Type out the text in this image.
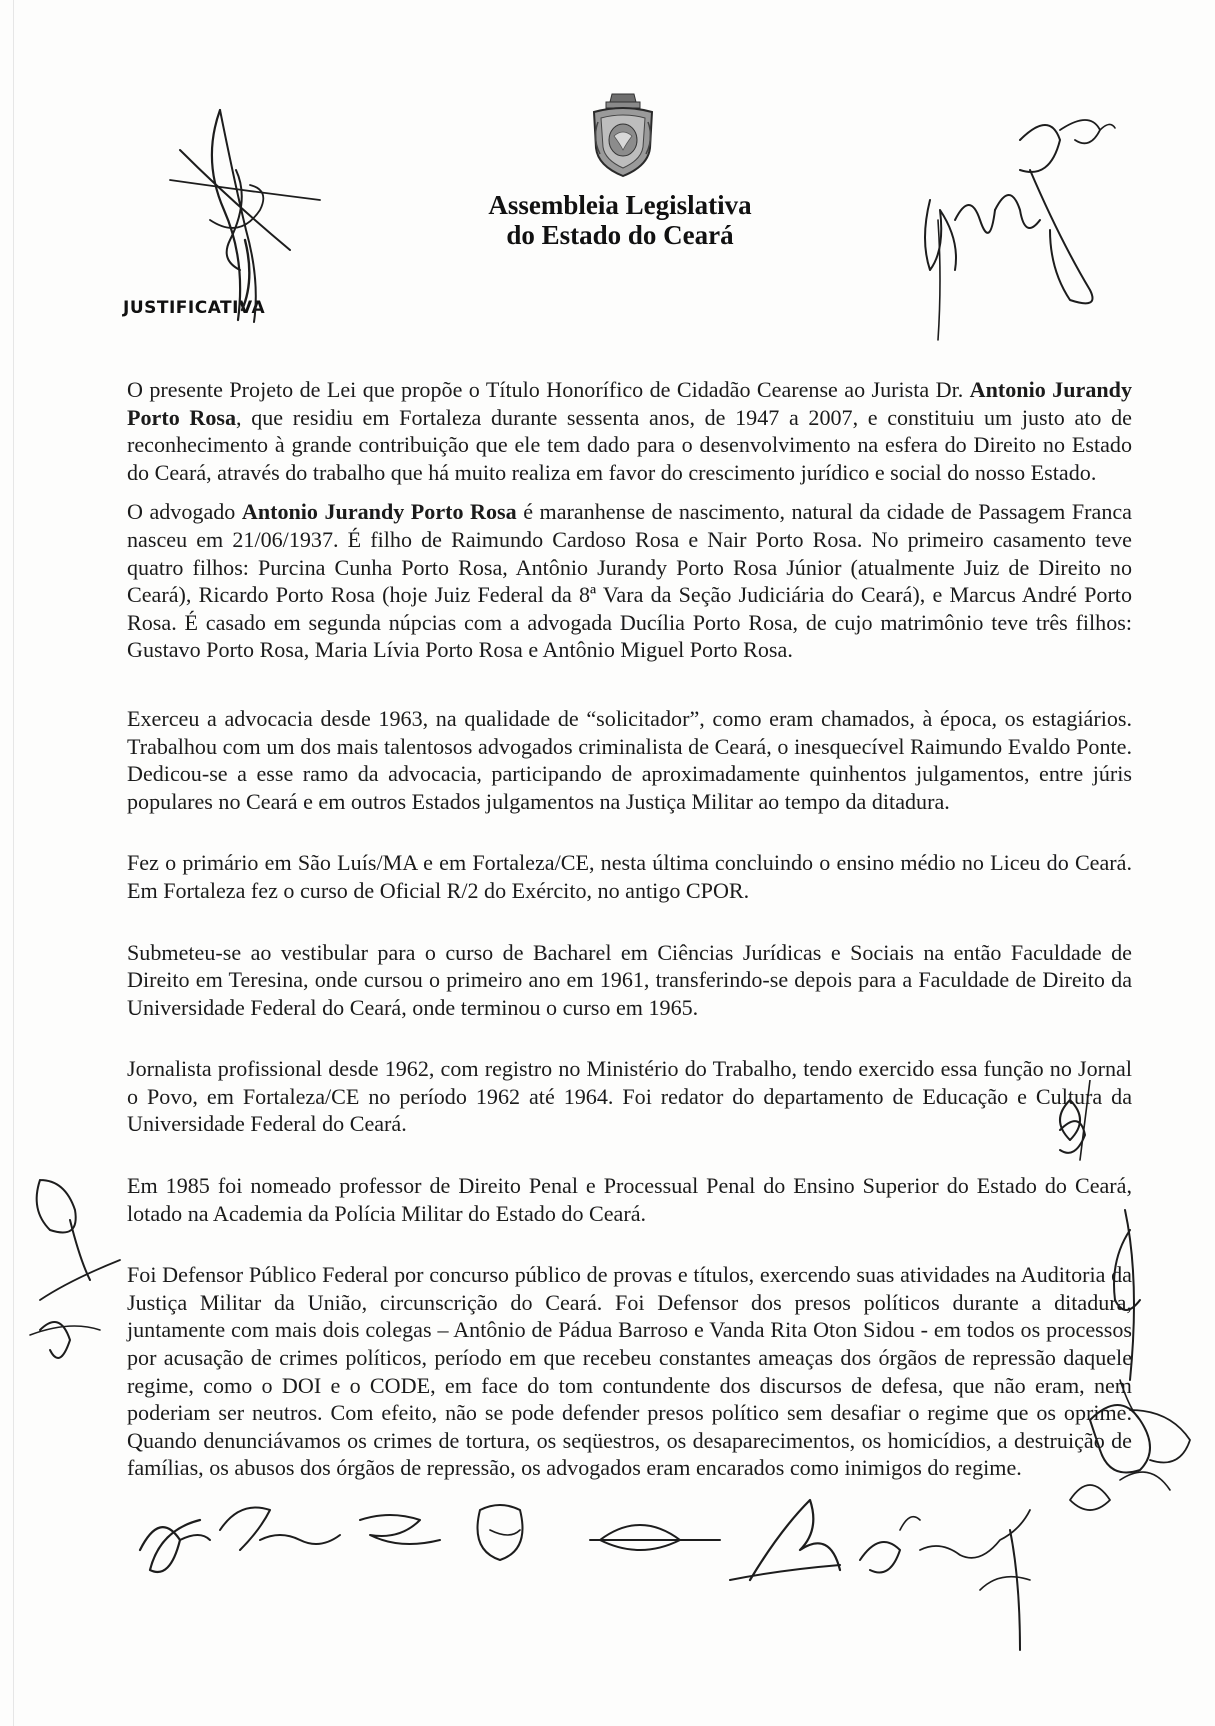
Assembleia Legislativa
do Estado do Ceará
JUSTIFICATIVA

O presente Projeto de Lei que propõe o Título Honorífico de Cidadão Cearense ao Jurista Dr. Antonio Jurandy Porto Rosa, que residiu em Fortaleza durante sessenta anos, de 1947 a 2007, e constituiu um justo ato de reconhecimento à grande contribuição que ele tem dado para o desenvolvimento na esfera do Direito no Estado do Ceará, através do trabalho que há muito realiza em favor do crescimento jurídico e social do nosso Estado.

O advogado Antonio Jurandy Porto Rosa é maranhense de nascimento, natural da cidade de Passagem Franca nasceu em 21/06/1937. É filho de Raimundo Cardoso Rosa e Nair Porto Rosa. No primeiro casamento teve quatro filhos: Purcina Cunha Porto Rosa, Antônio Jurandy Porto Rosa Júnior (atualmente Juiz de Direito no Ceará), Ricardo Porto Rosa (hoje Juiz Federal da 8ª Vara da Seção Judiciária do Ceará), e Marcus André Porto Rosa. É casado em segunda núpcias com a advogada Ducília Porto Rosa, de cujo matrimônio teve três filhos: Gustavo Porto Rosa, Maria Lívia Porto Rosa e Antônio Miguel Porto Rosa.

Exerceu a advocacia desde 1963, na qualidade de “solicitador”, como eram chamados, à época, os estagiários. Trabalhou com um dos mais talentosos advogados criminalista de Ceará, o inesquecível Raimundo Evaldo Ponte. Dedicou-se a esse ramo da advocacia, participando de aproximadamente quinhentos julgamentos, entre júris populares no Ceará e em outros Estados julgamentos na Justiça Militar ao tempo da ditadura.

Fez o primário em São Luís/MA e em Fortaleza/CE, nesta última concluindo o ensino médio no Liceu do Ceará. Em Fortaleza fez o curso de Oficial R/2 do Exército, no antigo CPOR.

Submeteu-se ao vestibular para o curso de Bacharel em Ciências Jurídicas e Sociais na então Faculdade de Direito em Teresina, onde cursou o primeiro ano em 1961, transferindo-se depois para a Faculdade de Direito da Universidade Federal do Ceará, onde terminou o curso em 1965.

Jornalista profissional desde 1962, com registro no Ministério do Trabalho, tendo exercido essa função no Jornal o Povo, em Fortaleza/CE no período 1962 até 1964. Foi redator do departamento de Educação e Cultura da Universidade Federal do Ceará.

Em 1985 foi nomeado professor de Direito Penal e Processual Penal do Ensino Superior do Estado do Ceará, lotado na Academia da Polícia Militar do Estado do Ceará.

Foi Defensor Público Federal por concurso público de provas e títulos, exercendo suas atividades na Auditoria da Justiça Militar da União, circunscrição do Ceará. Foi Defensor dos presos políticos durante a ditadura, juntamente com mais dois colegas – Antônio de Pádua Barroso e Vanda Rita Oton Sidou - em todos os processos por acusação de crimes políticos, período em que recebeu constantes ameaças dos órgãos de repressão daquele regime, como o DOI e o CODE, em face do tom contundente dos discursos de defesa, que não eram, nem poderiam ser neutros. Com efeito, não se pode defender presos político sem desafiar o regime que os oprime. Quando denunciávamos os crimes de tortura, os seqüestros, os desaparecimentos, os homicídios, a destruição de famílias, os abusos dos órgãos de repressão, os advogados eram encarados como inimigos do regime.
